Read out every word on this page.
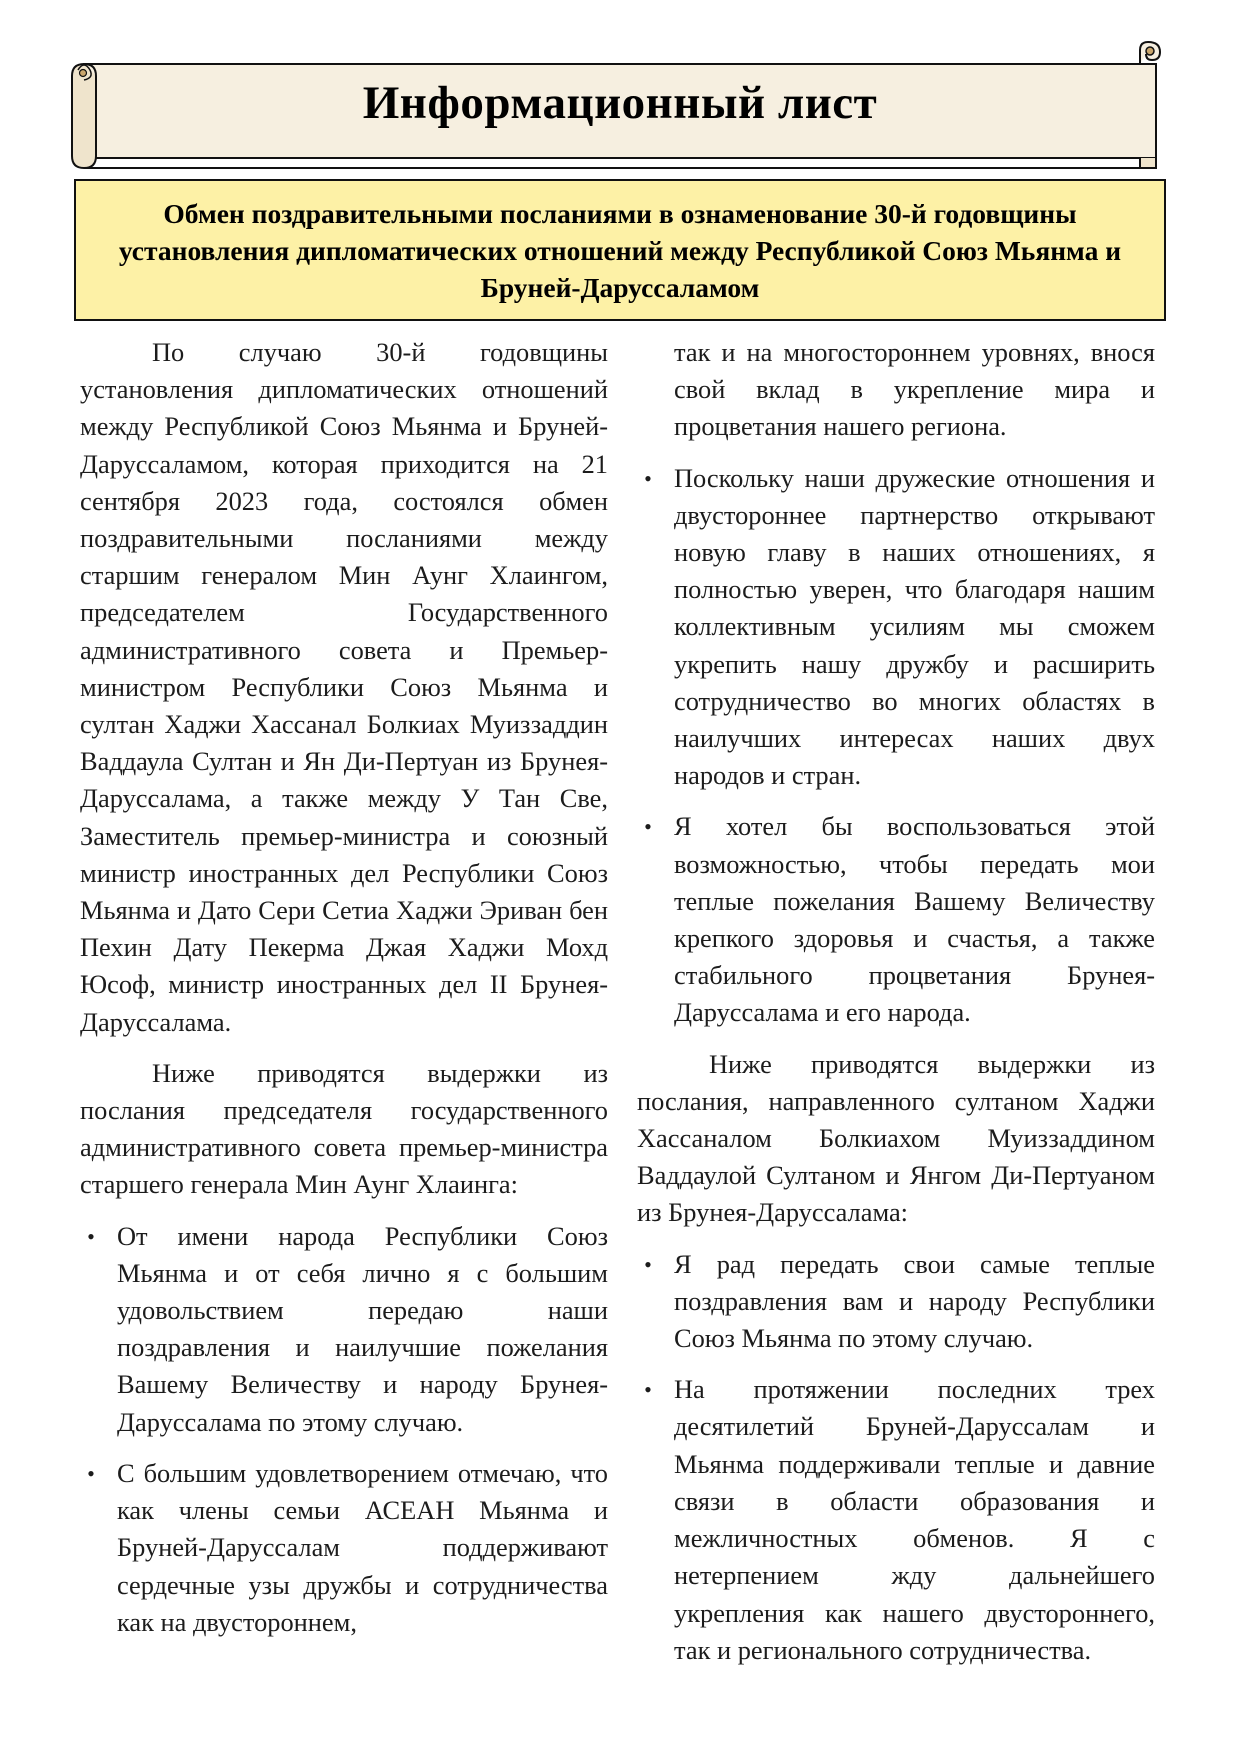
Информационный лист
Обмен поздравительными посланиями в ознаменование 30-й годовщины установления дипломатических отношений между Республикой Союз Мьянма и Бруней-Даруссаламом

По случаю 30-й годовщины установления дипломатических отношений между Республикой Союз Мьянма и Бруней-Даруссаламом, которая приходится на 21 сентября 2023 года, состоялся обмен поздравительными посланиями между старшим генералом Мин Аунг Хлаингом, председателем Государственного административного совета и Премьер-министром Республики Союз Мьянма и султан Хаджи Хассанал Болкиах Муиззаддин Ваддаула Султан и Ян Ди-Пертуан из Брунея-Даруссалама, а также между У Тан Све, Заместитель премьер-министра и союзный министр иностранных дел Республики Союз Мьянма и Дато Сери Сетиа Хаджи Эриван бен Пехин Дату Пекерма Джая Хаджи Мохд Юсоф, министр иностранных дел II Брунея-Даруссалама.

Ниже приводятся выдержки из послания председателя государственного административного совета премьер-министра старшего генерала Мин Аунг Хлаинга:

• От имени народа Республики Союз Мьянма и от себя лично я с большим удовольствием передаю наши поздравления и наилучшие пожелания Вашему Величеству и народу Брунея-Даруссалама по этому случаю.
• С большим удовлетворением отмечаю, что как члены семьи АСЕАН Мьянма и Бруней-Даруссалам поддерживают сердечные узы дружбы и сотрудничества как на двустороннем,
так и на многостороннем уровнях, внося свой вклад в укрепление мира и процветания нашего региона.
• Поскольку наши дружеские отношения и двустороннее партнерство открывают новую главу в наших отношениях, я полностью уверен, что благодаря нашим коллективным усилиям мы сможем укрепить нашу дружбу и расширить сотрудничество во многих областях в наилучших интересах наших двух народов и стран.
• Я хотел бы воспользоваться этой возможностью, чтобы передать мои теплые пожелания Вашему Величеству крепкого здоровья и счастья, а также стабильного процветания Брунея-Даруссалама и его народа.

Ниже приводятся выдержки из послания, направленного султаном Хаджи Хассаналом Болкиахом Муиззаддином Ваддаулой Султаном и Янгом Ди-Пертуаном из Брунея-Даруссалама:

• Я рад передать свои самые теплые поздравления вам и народу Республики Союз Мьянма по этому случаю.
• На протяжении последних трех десятилетий Бруней-Даруссалам и Мьянма поддерживали теплые и давние связи в области образования и межличностных обменов. Я с нетерпением жду дальнейшего укрепления как нашего двустороннего, так и регионального сотрудничества.
